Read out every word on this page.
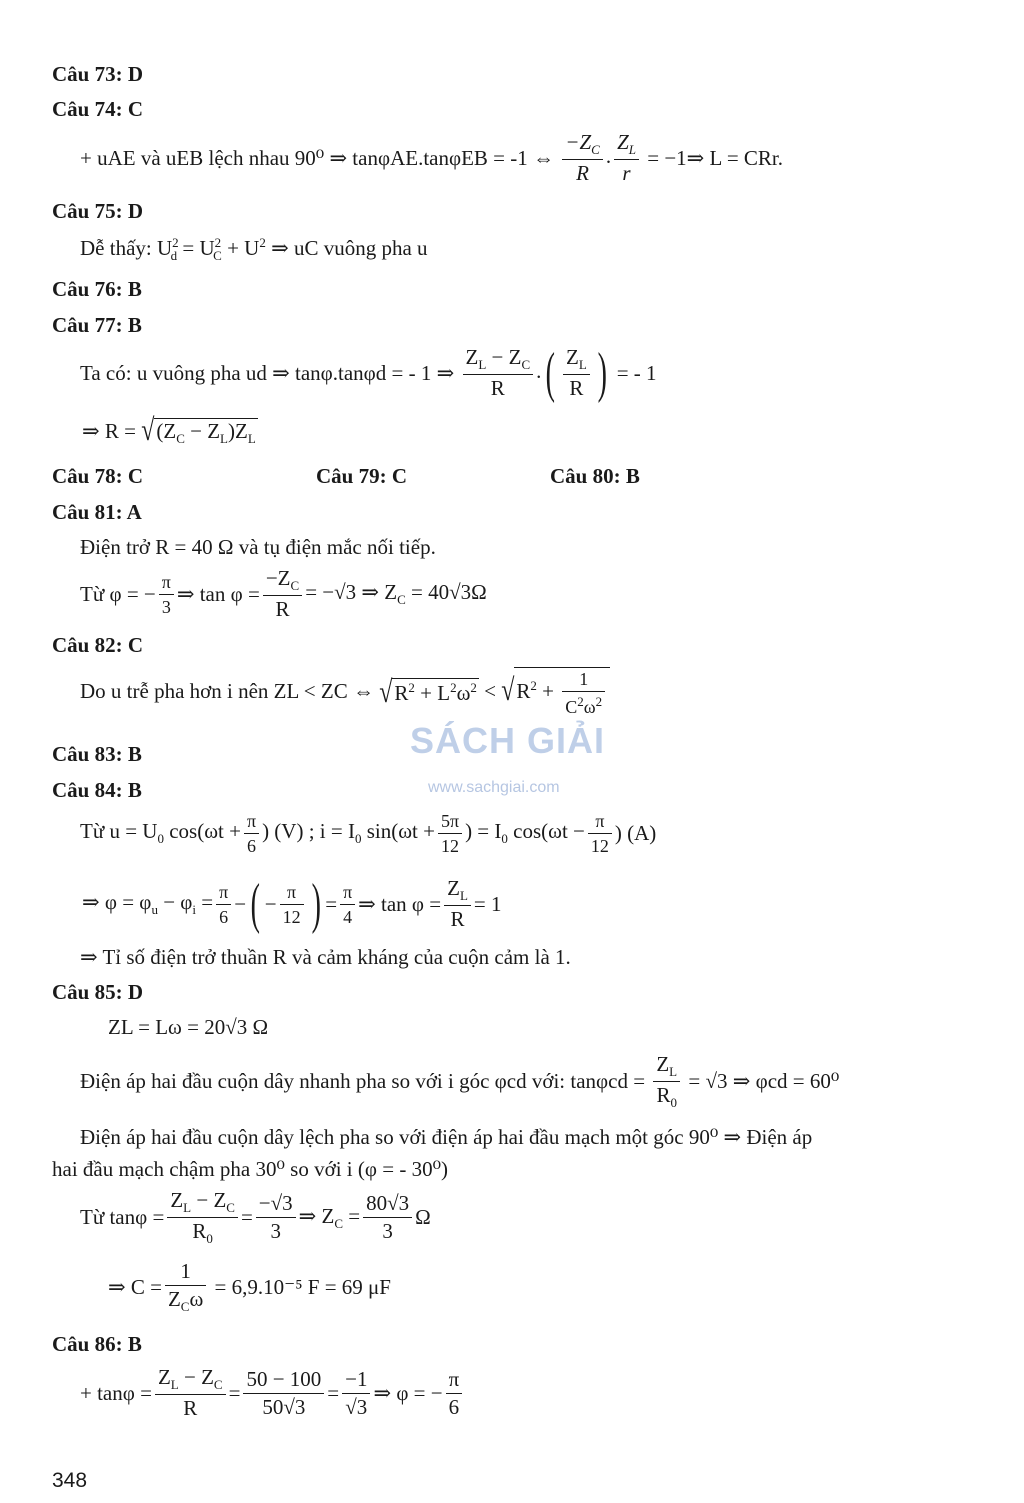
Câu 73: D
Câu 74: C
+ uAE và uEB lệch nhau 90⁰ ⇒ tanφAE.tanφEB = -1 ⇔ $\frac{-Z_C}{R}$ . $\frac{Z_L}{r}$ = −1⇒ L = CRr.
Câu 75: D
Dễ thấy: $U^2_d = U^2_C + U^2$ ⇒ uC vuông pha u
Câu 76: B
Câu 77: B
Ta có: u vuông pha ud ⇒ tanφ.tanφd = - 1 ⇒ $\frac{Z_L - Z_C}{R}$ .( $\frac{Z_L}{R}$ ) = - 1
⇒ $R = √(Z_C - Z_L)Z_L$
Câu 78: C	Câu 79: C	Câu 80: B
Câu 81: A
Điện trở R = 40 Ω và tụ điện mắc nối tiếp.
Từ φ = − $\frac{\pi}{3}$ ⇒ $\tan \varphi = \frac{-Z_C}{R} = -√3$ ⇒ $Z_C = 40√3\Omega$
Câu 82: C
Do u trễ pha hơn i nên ZL < ZC ⇔ $√R^2 + L^2\omega^2 < √R^2 + \frac{1}{C^2\omega^2}$
SÁCH GIẢI
www.sachgiai.com
Câu 83: B
Câu 84: B
Từ $u = U_0$ $\cos(\omega t + \frac{\pi}{6}$ ) (V) ; $i = I_0$ $\sin(\omega t + \frac{5\pi}{12}$ ) = $I_0$ $\cos(\omega t - \frac{\pi}{12}$ ) (A)
⇒ $\varphi = \varphi_u - \varphi_i = \frac{\pi}{6}$ −( − $\frac{\pi}{12}$ ) = $\frac{\pi}{4}$ ⇒ $\tan \varphi = \frac{Z_L}{R} = 1$
⇒ Tỉ số điện trở thuần R và cảm kháng của cuộn cảm là 1.
Câu 85: D
ZL = Lω = 20√3 Ω
Điện áp hai đầu cuộn dây nhanh pha so với i góc φcd với: $\tan\varphi cd = \frac{Z_L}{R_0} = √3$ ⇒ φcd = 60⁰
Điện áp hai đầu cuộn dây lệch pha so với điện áp hai đầu mạch một góc 90⁰ ⇒ Điện áp
hai đầu mạch chậm pha 30⁰ so với i (φ = - 30⁰)
Từ $\tan\varphi = \frac{Z_L - Z_C}{R_0} = \frac{-√3}{3}$ ⇒ $Z_C = \frac{80√3}{3}$ Ω
⇒ C =
1
$Z_C\omega$
= 6,9.10⁻⁵ F = 69 μF
Câu 86: B
+ $\tan\varphi = \frac{Z_L - Z_C}{R} = \frac{50 - 100}{50√3} = \frac{-1}{√3}$ ⇒ φ = − $\frac{\pi}{6}$
348
